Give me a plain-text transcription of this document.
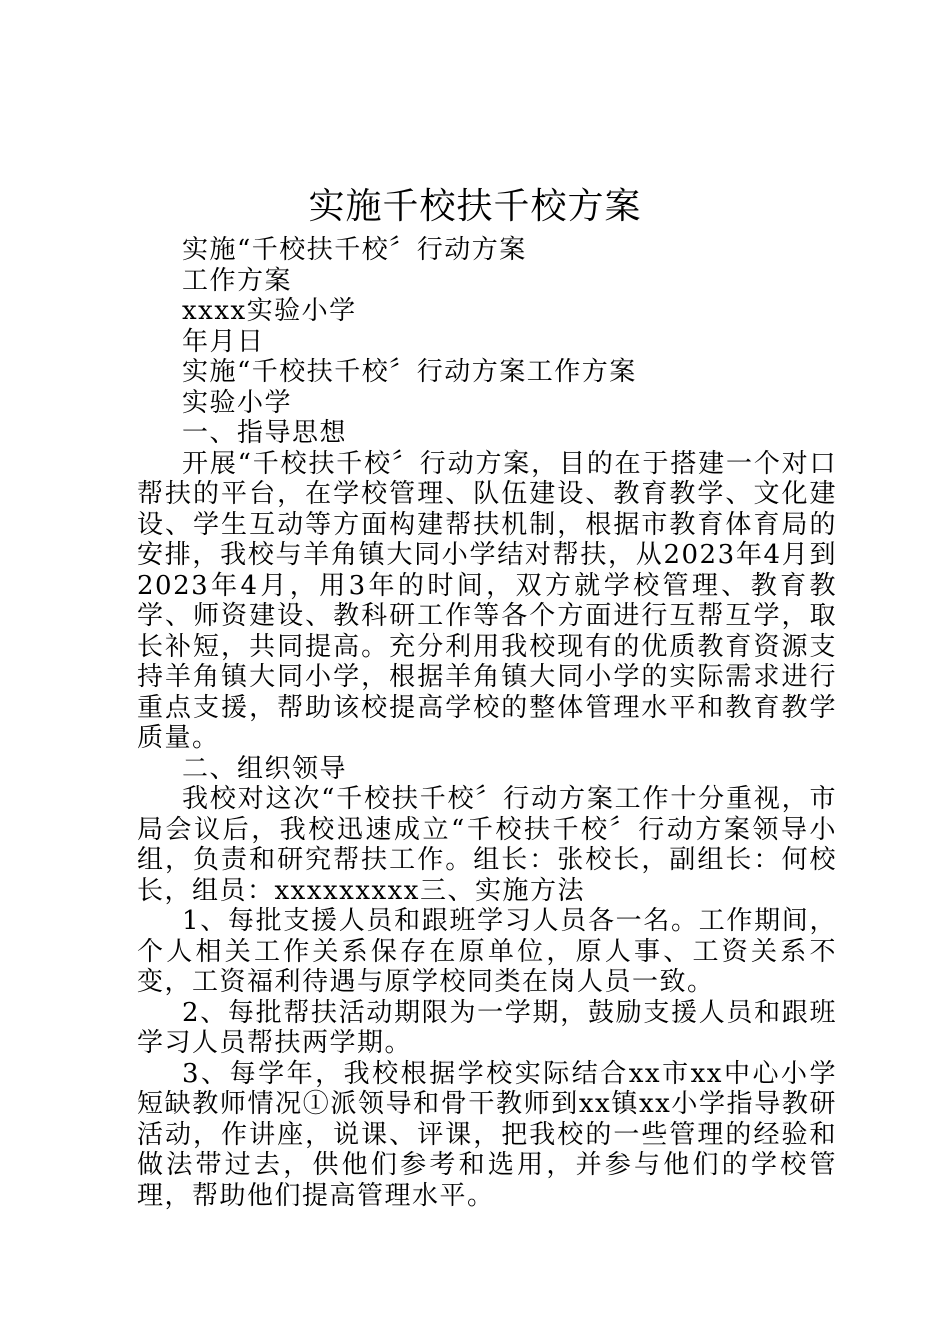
实施千校扶千校方案

实施“千校扶千校〞行动方案

工作方案

xxxx实验小学

年月日

实施“千校扶千校〞行动方案工作方案

实验小学

一、指导思想

开展“千校扶千校〞行动方案，目的在于搭建一个对口帮扶的平台，在学校管理、队伍建设、教育教学、文化建设、学生互动等方面构建帮扶机制，根据市教育体育局的安排，我校与羊角镇大同小学结对帮扶，从2023年4月到2023年4月，用3年的时间，双方就学校管理、教育教学、师资建设、教科研工作等各个方面进行互帮互学，取长补短，共同提高。充分利用我校现有的优质教育资源支持羊角镇大同小学，根据羊角镇大同小学的实际需求进行重点支援，帮助该校提高学校的整体管理水平和教育教学质量。

二、组织领导

我校对这次“千校扶千校〞行动方案工作十分重视，市局会议后，我校迅速成立“千校扶千校〞行动方案领导小组，负责和研究帮扶工作。组长：张校长，副组长：何校长，组员：xxxxxxxxx三、实施方法

1、每批支援人员和跟班学习人员各一名。工作期间，个人相关工作关系保存在原单位，原人事、工资关系不变，工资福利待遇与原学校同类在岗人员一致。

2、每批帮扶活动期限为一学期，鼓励支援人员和跟班学习人员帮扶两学期。

3、每学年，我校根据学校实际结合xx市xx中心小学短缺教师情况①派领导和骨干教师到xx镇xx小学指导教研活动，作讲座，说课、评课，把我校的一些管理的经验和做法带过去，供他们参考和选用，并参与他们的学校管理，帮助他们提高管理水平。
